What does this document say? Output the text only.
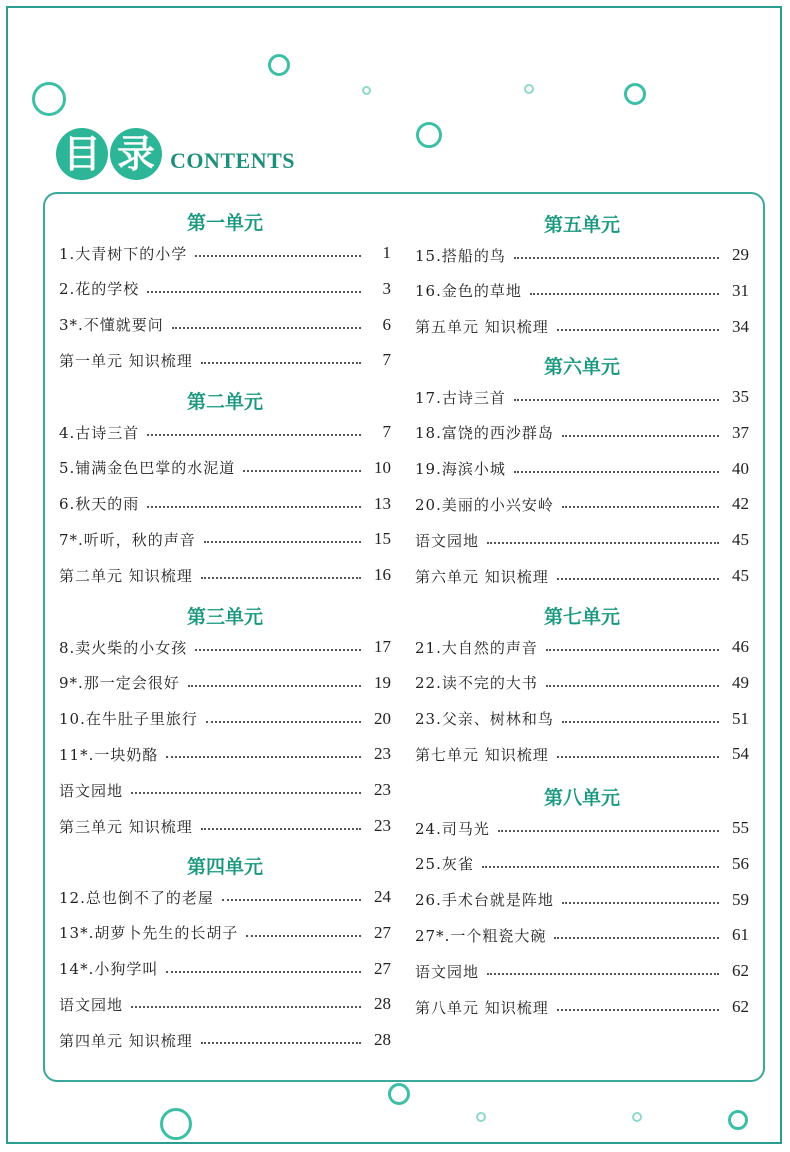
目 录 CONTENTS
第一单元
1.大青树下的小学	1
2.花的学校	3
3*.不懂就要问	6
第一单元 知识梳理	7
第二单元
4.古诗三首	7
5.铺满金色巴掌的水泥道	10
6.秋天的雨	13
7*.听听，秋的声音	15
第二单元 知识梳理	16
第三单元
8.卖火柴的小女孩	17
9*.那一定会很好	19
10.在牛肚子里旅行	20
11*.一块奶酪	23
语文园地	23
第三单元 知识梳理	23
第四单元
12.总也倒不了的老屋	24
13*.胡萝卜先生的长胡子	27
14*.小狗学叫	27
语文园地	28
第四单元 知识梳理	28
第五单元
15.搭船的鸟	29
16.金色的草地	31
第五单元 知识梳理	34
第六单元
17.古诗三首	35
18.富饶的西沙群岛	37
19.海滨小城	40
20.美丽的小兴安岭	42
语文园地	45
第六单元 知识梳理	45
第七单元
21.大自然的声音	46
22.读不完的大书	49
23.父亲、树林和鸟	51
第七单元 知识梳理	54
第八单元
24.司马光	55
25.灰雀	56
26.手术台就是阵地	59
27*.一个粗瓷大碗	61
语文园地	62
第八单元 知识梳理	62
